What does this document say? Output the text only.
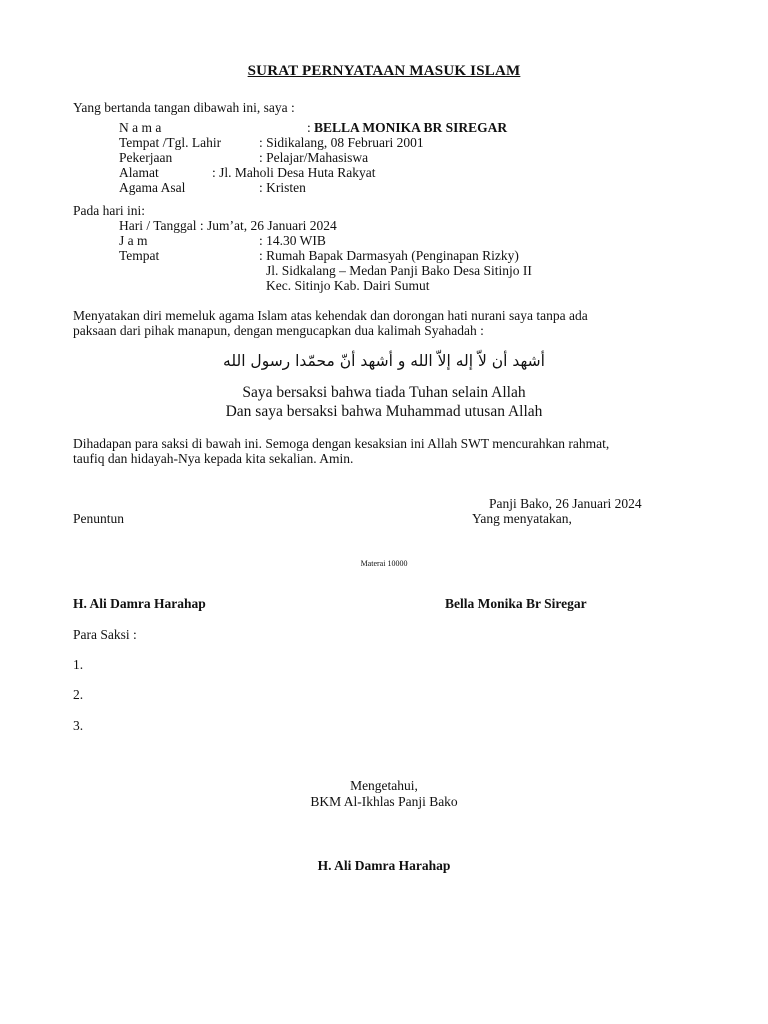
SURAT PERNYATAAN MASUK ISLAM
Yang bertanda tangan dibawah ini, saya :
N a m a	: BELLA MONIKA BR SIREGAR
Tempat /Tgl. Lahir	: Sidikalang, 08 Februari 2001
Pekerjaan	: Pelajar/Mahasiswa
Alamat	: Jl. Maholi Desa Huta Rakyat
Agama Asal	: Kristen
Pada hari ini:
Hari / Tanggal : Jum’at, 26 Januari 2024
J a m	: 14.30 WIB
Tempat	: Rumah Bapak Darmasyah (Penginapan Rizky)
Jl. Sidkalang – Medan Panji Bako Desa Sitinjo II
Kec. Sitinjo Kab. Dairi Sumut
Menyatakan diri memeluk agama Islam atas kehendak dan dorongan hati nurani saya tanpa ada
paksaan dari pihak manapun, dengan mengucapkan dua kalimah Syahadah :
أشهد أن لاّ إله إلاّ الله و أشهد أنّ محمّدا رسول الله
Saya bersaksi bahwa tiada Tuhan selain Allah
Dan saya bersaksi bahwa Muhammad utusan Allah
Dihadapan para saksi di bawah ini. Semoga dengan kesaksian ini Allah SWT mencurahkan rahmat,
taufiq dan hidayah-Nya kepada kita sekalian. Amin.
Panji Bako, 26 Januari 2024
Penuntun	Yang menyatakan,
Materai 10000
H. Ali Damra Harahap	Bella Monika Br Siregar
Para Saksi :
1.
2.
3.
Mengetahui,
BKM Al-Ikhlas Panji Bako
H. Ali Damra Harahap
